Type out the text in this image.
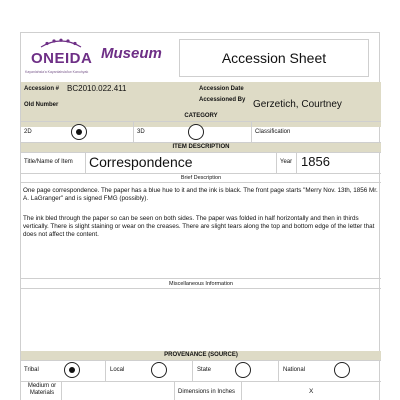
ONEIDA
Kayanlahsla'a Kayanlahsla'kw Kanuhyak
Museum	Accession Sheet
Accession # BC2010.022.411	Accession Date
Old Number
Accessioned By Gerzetich, Courtney
CATEGORY
2D	3D	Classification
ITEM DESCRIPTION
Title/Name of Item Correspondence	Year 1856
Brief Description
One page correspondence. The paper has a blue hue to it and the ink is black. The front page starts "Merry Nov. 13th, 1856 Mr. A. LaGranger" and is signed FMG (possibly).
The ink bled through the paper so can be seen on both sides. The paper was folded in half horizontally and then in thirds vertically. There is slight staining or wear on the creases. There are slight tears along the top and bottom edge of the letter that does not affect the content.
Miscellaneous Information
PROVENANCE (SOURCE)
Tribal	Local	State	National
Medium or Materials	Dimensions in Inches	X
